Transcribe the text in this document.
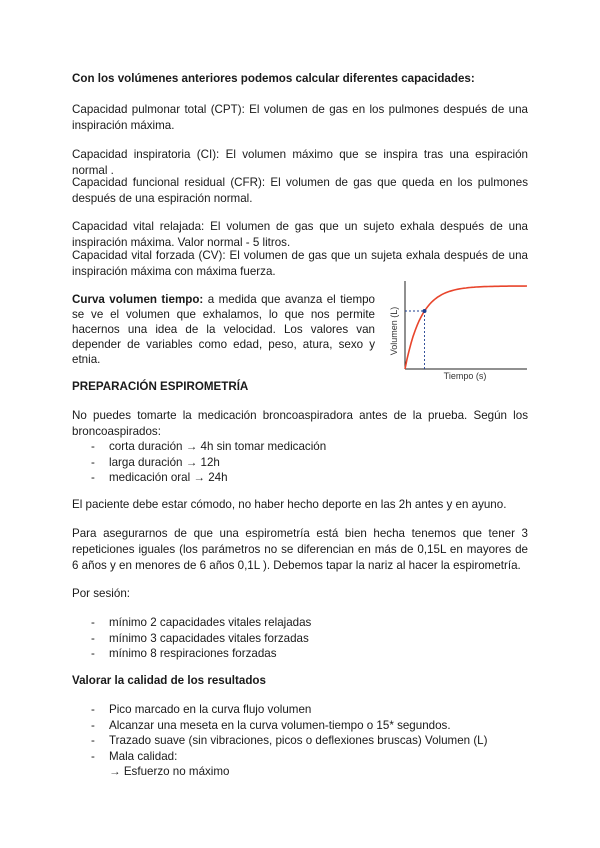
Con los volúmenes anteriores podemos calcular diferentes capacidades:

Capacidad pulmonar total (CPT): El volumen de gas en los pulmones después de una inspiración máxima.

Capacidad inspiratoria (CI): El volumen máximo que se inspira tras una espiración normal .

Capacidad funcional residual (CFR): El volumen de gas que queda en los pulmones después de una espiración normal.

Capacidad vital relajada: El volumen de gas que un sujeto exhala después de una inspiración máxima. Valor normal - 5 litros.

Capacidad vital forzada (CV): El volumen de gas que un sujeta exhala después de una inspiración máxima con máxima fuerza.

Curva volumen tiempo: a medida que avanza el tiempo se ve el volumen que exhalamos, lo que nos permite hacernos una idea de la velocidad. Los valores van depender de variables como edad, peso, atura, sexo y etnia.

Volumen (L)
Tiempo (s)

PREPARACIÓN ESPIROMETRÍA

No puedes tomarte la medicación broncoaspiradora antes de la prueba. Según los broncoaspirados:

- corta duración → 4h sin tomar medicación
- larga duración → 12h
- medicación oral → 24h

El paciente debe estar cómodo, no haber hecho deporte en las 2h antes y en ayuno.

Para asegurarnos de que una espirometría está bien hecha tenemos que tener 3 repeticiones iguales (los parámetros no se diferencian en más de 0,15L en mayores de 6 años y en menores de 6 años 0,1L ). Debemos tapar la nariz al hacer la espirometría.

Por sesión:

- mínimo 2 capacidades vitales relajadas
- mínimo 3 capacidades vitales forzadas
- mínimo 8 respiraciones forzadas

Valorar la calidad de los resultados

- Pico marcado en la curva flujo volumen
- Alcanzar una meseta en la curva volumen-tiempo o 15* segundos.
- Trazado suave (sin vibraciones, picos o deflexiones bruscas) Volumen (L)
- Mala calidad:
→ Esfuerzo no máximo
